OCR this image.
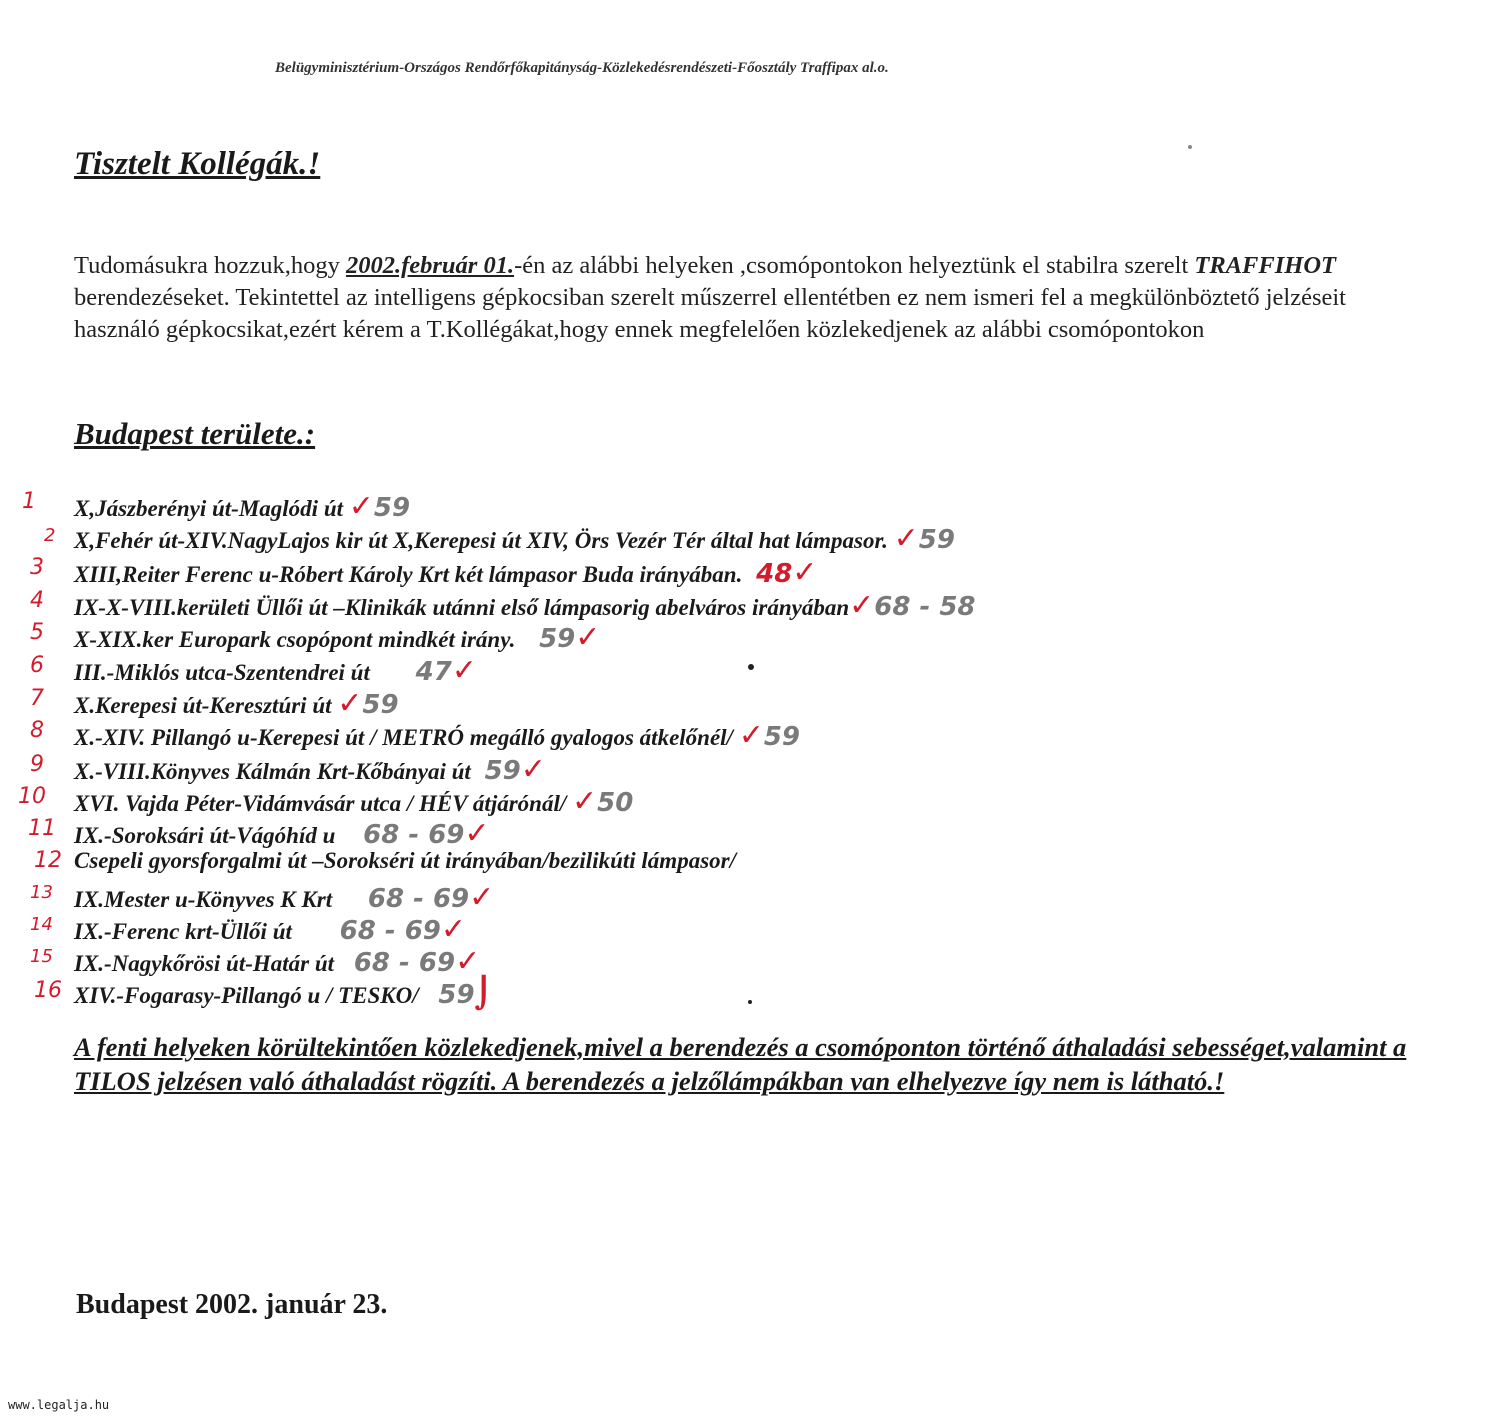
Belügyminisztérium-Országos Rendőrfőkapitányság-Közlekedésrendészeti-Főosztály Traffipax al.o.
Tisztelt Kollégák.!
Tudomásukra hozzuk,hogy 2002.február 01.-én az alábbi helyeken ,csomópontokon helyeztünk el stabilra szerelt TRAFFIHOT berendezéseket. Tekintettel az intelligens gépkocsiban szerelt műszerrel ellentétben ez nem ismeri fel a megkülönböztető jelzéseit használó gépkocsikat,ezért kérem a T.Kollégákat,hogy ennek megfelelően közlekedjenek az alábbi csomópontokon
Budapest területe.:
1 X,Jászberényi út-Maglódi út ✓59
2 X,Fehér út-XIV.NagyLajos kir út X,Kerepesi út XIV, Örs Vezér Tér által hat lámpasor. ✓59
3 XIII,Reiter Ferenc u-Róbert Károly Krt két lámpasor Buda irányában. 48✓
4 IX-X-VIII.kerületi Üllői út –Klinikák utánni első lámpasorig abelváros irányában✓68 - 58
5 X-XIX.ker Europark csopópont mindkét irány. 59✓
6 III.-Miklós utca-Szentendrei út 47✓
7 X.Kerepesi út-Keresztúri út ✓59
8 X.-XIV. Pillangó u-Kerepesi út / METRÓ megálló gyalogos átkelőnél/ ✓59
9 X.-VIII.Könyves Kálmán Krt-Kőbányai út 59✓
10 XVI. Vajda Péter-Vidámvásár utca / HÉV átjárónál/ ✓50
11 IX.-Soroksári út-Vágóhíd u 68 - 69✓
12 Csepeli gyorsforgalmi út –Sorokséri út irányában/bezilikúti lámpasor/
13 IX.Mester u-Könyves K Krt 68 - 69✓
14 IX.-Ferenc krt-Üllői út 68 - 69✓
15 IX.-Nagykőrösi út-Határ út 68 - 69✓
16 XIV.-Fogarasy-Pillangó u / TESKO/ 59⌡
A fenti helyeken körültekintően közlekedjenek,mivel a berendezés a csomóponton történő áthaladási sebességet,valamint a TILOS jelzésen való áthaladást rögzíti. A berendezés a jelzőlámpákban van elhelyezve így nem is látható.!
Budapest 2002. január 23.
www.legalja.hu
